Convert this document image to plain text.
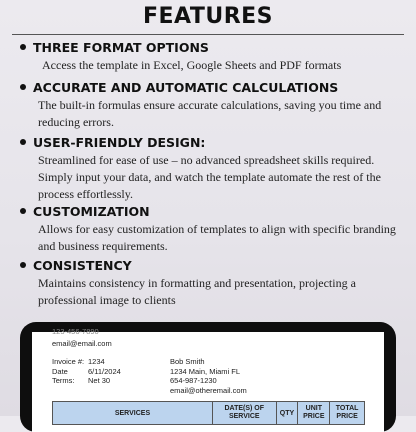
FEATURES
THREE FORMAT OPTIONS
Access the template in Excel, Google Sheets and PDF formats
ACCURATE AND AUTOMATIC CALCULATIONS
The built-in formulas ensure accurate calculations, saving you time and reducing errors.
USER-FRIENDLY DESIGN:
Streamlined for ease of use – no advanced spreadsheet skills required. Simply input your data, and watch the template automate the rest of the process effortlessly.
CUSTOMIZATION
Allows for easy customization of templates to align with specific branding and business requirements.
CONSISTENCY
Maintains consistency in formatting and presentation, projecting a professional image to clients
123-456-7890
email@email.com
Invoice #: 1234
Date	6/11/2024
Terms: Net 30
Bob Smith
1234 Main, Miami FL
654-987-1230
email@otheremail.com
SERVICES
DATE(S) OF SERVICE	QTY
UNIT PRICE
TOTAL PRICE
